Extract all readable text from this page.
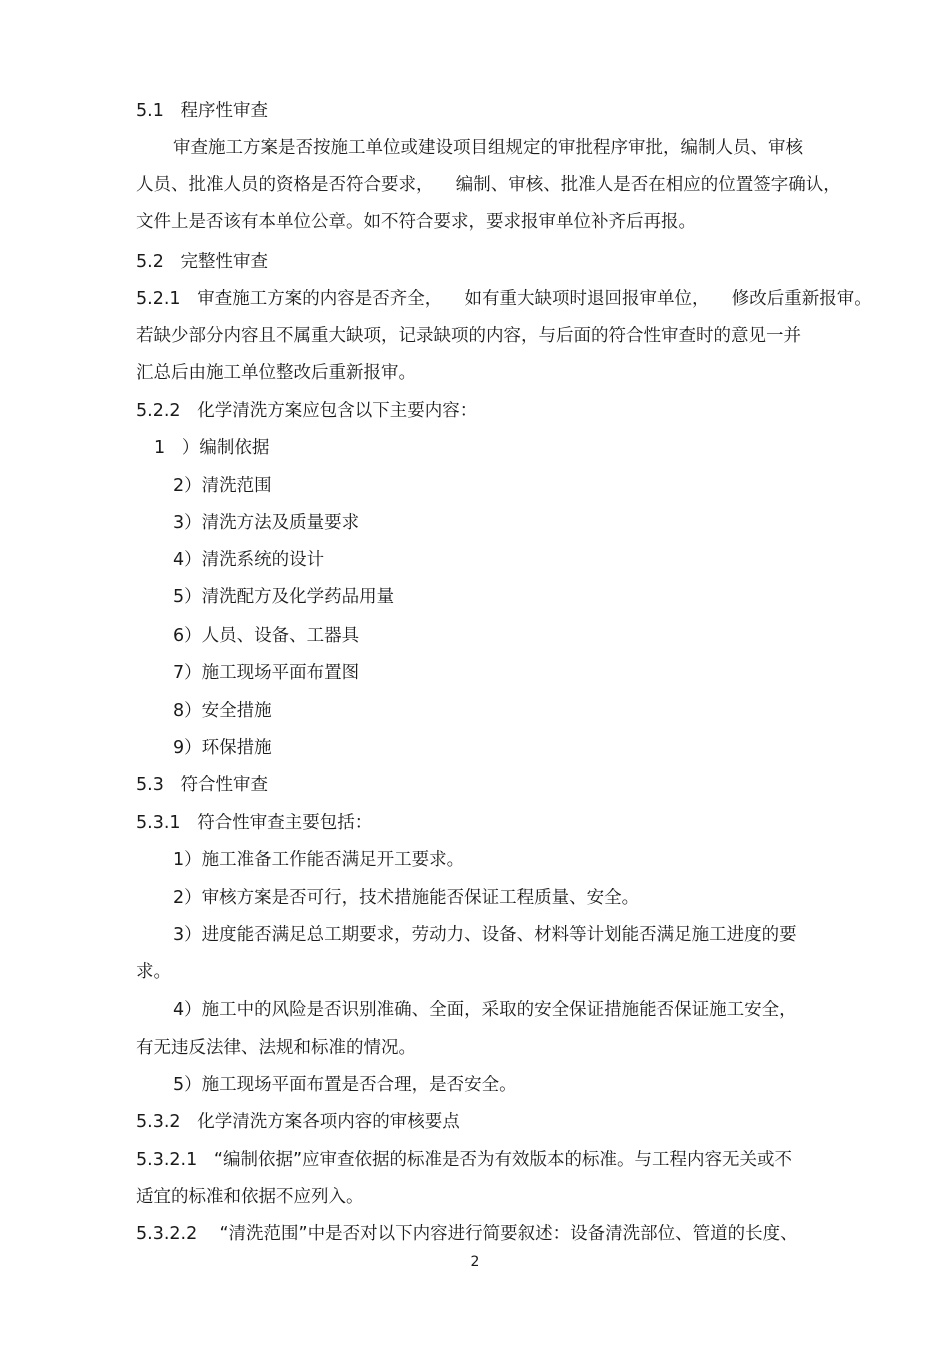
5.1   程序性审查

审查施工方案是否按施工单位或建设项目组规定的审批程序审批，编制人员、审核

人员、批准人员的资格是否符合要求，    编制、审核、批准人是否在相应的位置签字确认，

文件上是否该有本单位公章。如不符合要求，要求报审单位补齐后再报。

5.2   完整性审查

5.2.1   审查施工方案的内容是否齐全，    如有重大缺项时退回报审单位，    修改后重新报审。

若缺少部分内容且不属重大缺项，记录缺项的内容，与后面的符合性审查时的意见一并

汇总后由施工单位整改后重新报审。

5.2.2   化学清洗方案应包含以下主要内容：

1   ）编制依据

2）清洗范围

3）清洗方法及质量要求

4）清洗系统的设计

5）清洗配方及化学药品用量

6）人员、设备、工器具

7）施工现场平面布置图

8）安全措施

9）环保措施

5.3   符合性审查

5.3.1   符合性审查主要包括：

1）施工准备工作能否满足开工要求。

2）审核方案是否可行，技术措施能否保证工程质量、安全。

3）进度能否满足总工期要求，劳动力、设备、材料等计划能否满足施工进度的要

求。

4）施工中的风险是否识别准确、全面，采取的安全保证措施能否保证施工安全，

有无违反法律、法规和标准的情况。

5）施工现场平面布置是否合理，是否安全。

5.3.2   化学清洗方案各项内容的审核要点

5.3.2.1   “编制依据”应审查依据的标准是否为有效版本的标准。与工程内容无关或不

适宜的标准和依据不应列入。

5.3.2.2    “清洗范围”中是否对以下内容进行简要叙述：设备清洗部位、管道的长度、

2
